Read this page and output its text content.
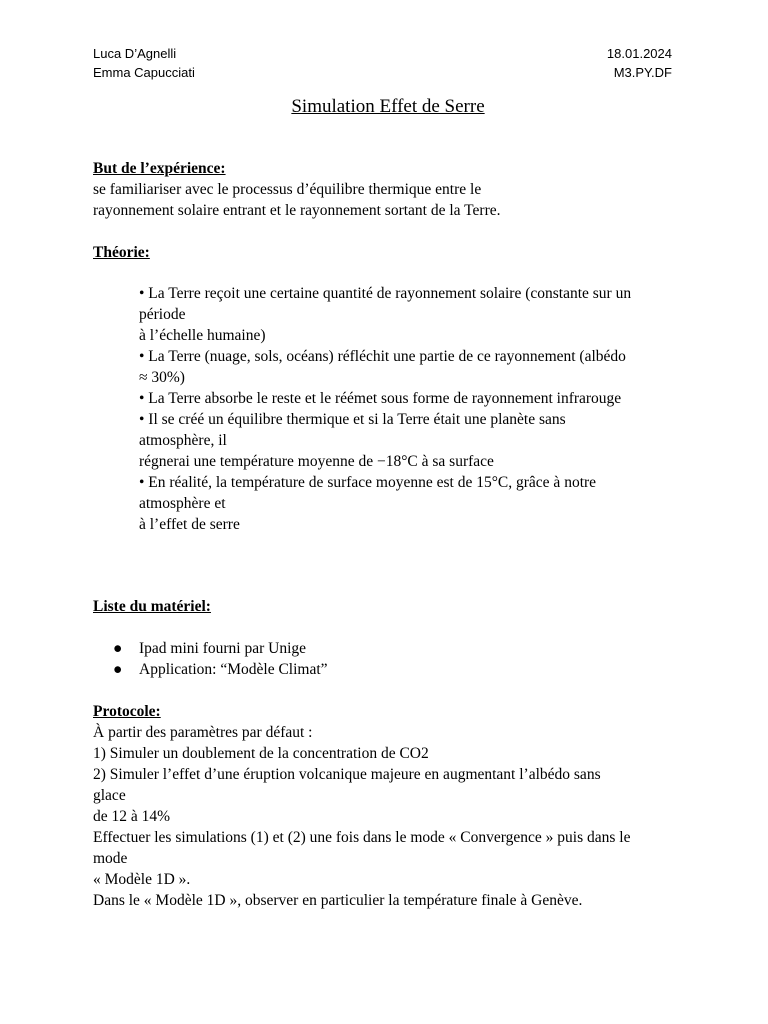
Luca D’Agnelli
Emma Capucciati
18.01.2024
M3.PY.DF
Simulation Effet de Serre
But de l’expérience:
se familiariser avec le processus d’équilibre thermique entre le
rayonnement solaire entrant et le rayonnement sortant de la Terre.
Théorie:
• La Terre reçoit une certaine quantité de rayonnement solaire (constante sur un
période
à l’échelle humaine)
• La Terre (nuage, sols, océans) réfléchit une partie de ce rayonnement (albédo
≈ 30%)
• La Terre absorbe le reste et le réémet sous forme de rayonnement infrarouge
• Il se créé un équilibre thermique et si la Terre était une planète sans
atmosphère, il
régnerai une température moyenne de −18°C à sa surface
• En réalité, la température de surface moyenne est de 15°C, grâce à notre
atmosphère et
à l’effet de serre
Liste du matériel:
● Ipad mini fourni par Unige
● Application: “Modèle Climat”
Protocole:
À partir des paramètres par défaut :
1) Simuler un doublement de la concentration de CO2
2) Simuler l’effet d’une éruption volcanique majeure en augmentant l’albédo sans
glace
de 12 à 14%
Effectuer les simulations (1) et (2) une fois dans le mode « Convergence » puis dans le
mode
« Modèle 1D ».
Dans le « Modèle 1D », observer en particulier la température finale à Genève.
